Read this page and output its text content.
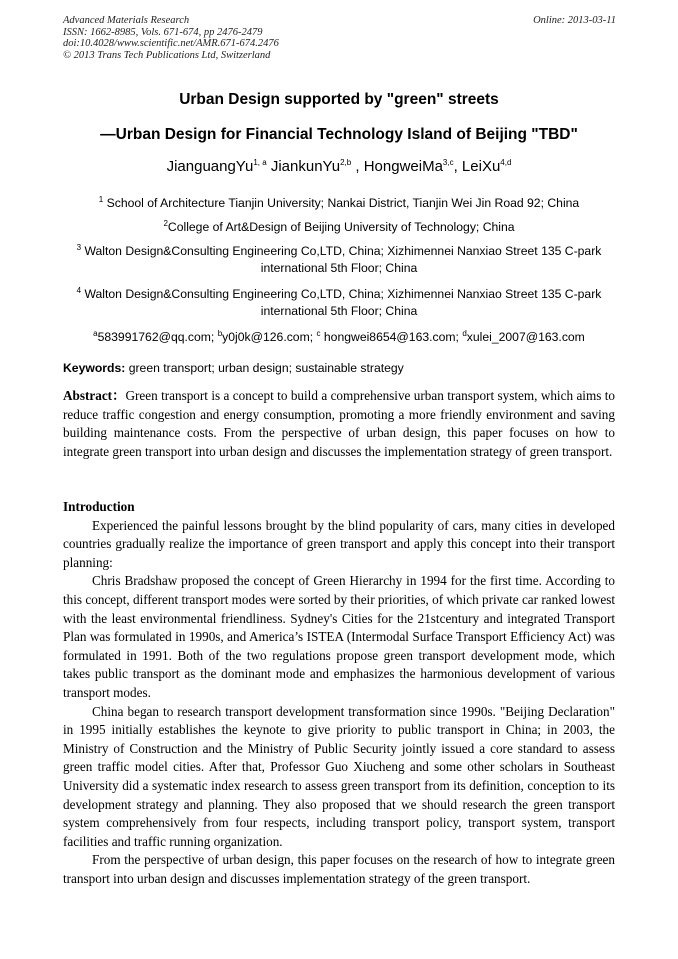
Advanced Materials Research
ISSN: 1662-8985, Vols. 671-674, pp 2476-2479
doi:10.4028/www.scientific.net/AMR.671-674.2476
© 2013 Trans Tech Publications Ltd, Switzerland
Online: 2013-03-11
Urban Design supported by "green" streets
—Urban Design for Financial Technology Island of Beijing "TBD"
JianguangYu$^{1, a}$ JiankunYu$^{2,b}$ , HongweiMa$^{3,c}$, LeiXu$^{4,d}$
$^1$ School of Architecture Tianjin University; Nankai District, Tianjin Wei Jin Road 92; China
$^2$College of Art&Design of Beijing University of Technology; China
$^3$ Walton Design&Consulting Engineering Co,LTD, China; Xizhimennei Nanxiao Street 135 C-park international 5th Floor; China
$^4$ Walton Design&Consulting Engineering Co,LTD, China; Xizhimennei Nanxiao Street 135 C-park international 5th Floor; China
$^a$583991762@qq.com; $^b$y0j0k@126.com; $^c$ hongwei8654@163.com; $^d$xulei_2007@163.com
Keywords: green transport; urban design; sustainable strategy

Abstract：Green transport is a concept to build a comprehensive urban transport system, which aims to reduce traffic congestion and energy consumption, promoting a more friendly environment and saving building maintenance costs. From the perspective of urban design, this paper focuses on how to integrate green transport into urban design and discusses the implementation strategy of green transport.

Introduction

Experienced the painful lessons brought by the blind popularity of cars, many cities in developed countries gradually realize the importance of green transport and apply this concept into their transport planning:

Chris Bradshaw proposed the concept of Green Hierarchy in 1994 for the first time. According to this concept, different transport modes were sorted by their priorities, of which private car ranked lowest with the least environmental friendliness. Sydney's Cities for the 21stcentury and integrated Transport Plan was formulated in 1990s, and America’s ISTEA (Intermodal Surface Transport Efficiency Act) was formulated in 1991. Both of the two regulations propose green transport development mode, which takes public transport as the dominant mode and emphasizes the harmonious development of various transport modes.

China began to research transport development transformation since 1990s. "Beijing Declaration" in 1995 initially establishes the keynote to give priority to public transport in China; in 2003, the Ministry of Construction and the Ministry of Public Security jointly issued a core standard to assess green traffic model cities. After that, Professor Guo Xiucheng and some other scholars in Southeast University did a systematic index research to assess green transport from its definition, conception to its development strategy and planning. They also proposed that we should research the green transport system comprehensively from four respects, including transport policy, transport system, transport facilities and traffic running organization.

From the perspective of urban design, this paper focuses on the research of how to integrate green transport into urban design and discusses implementation strategy of the green transport.
